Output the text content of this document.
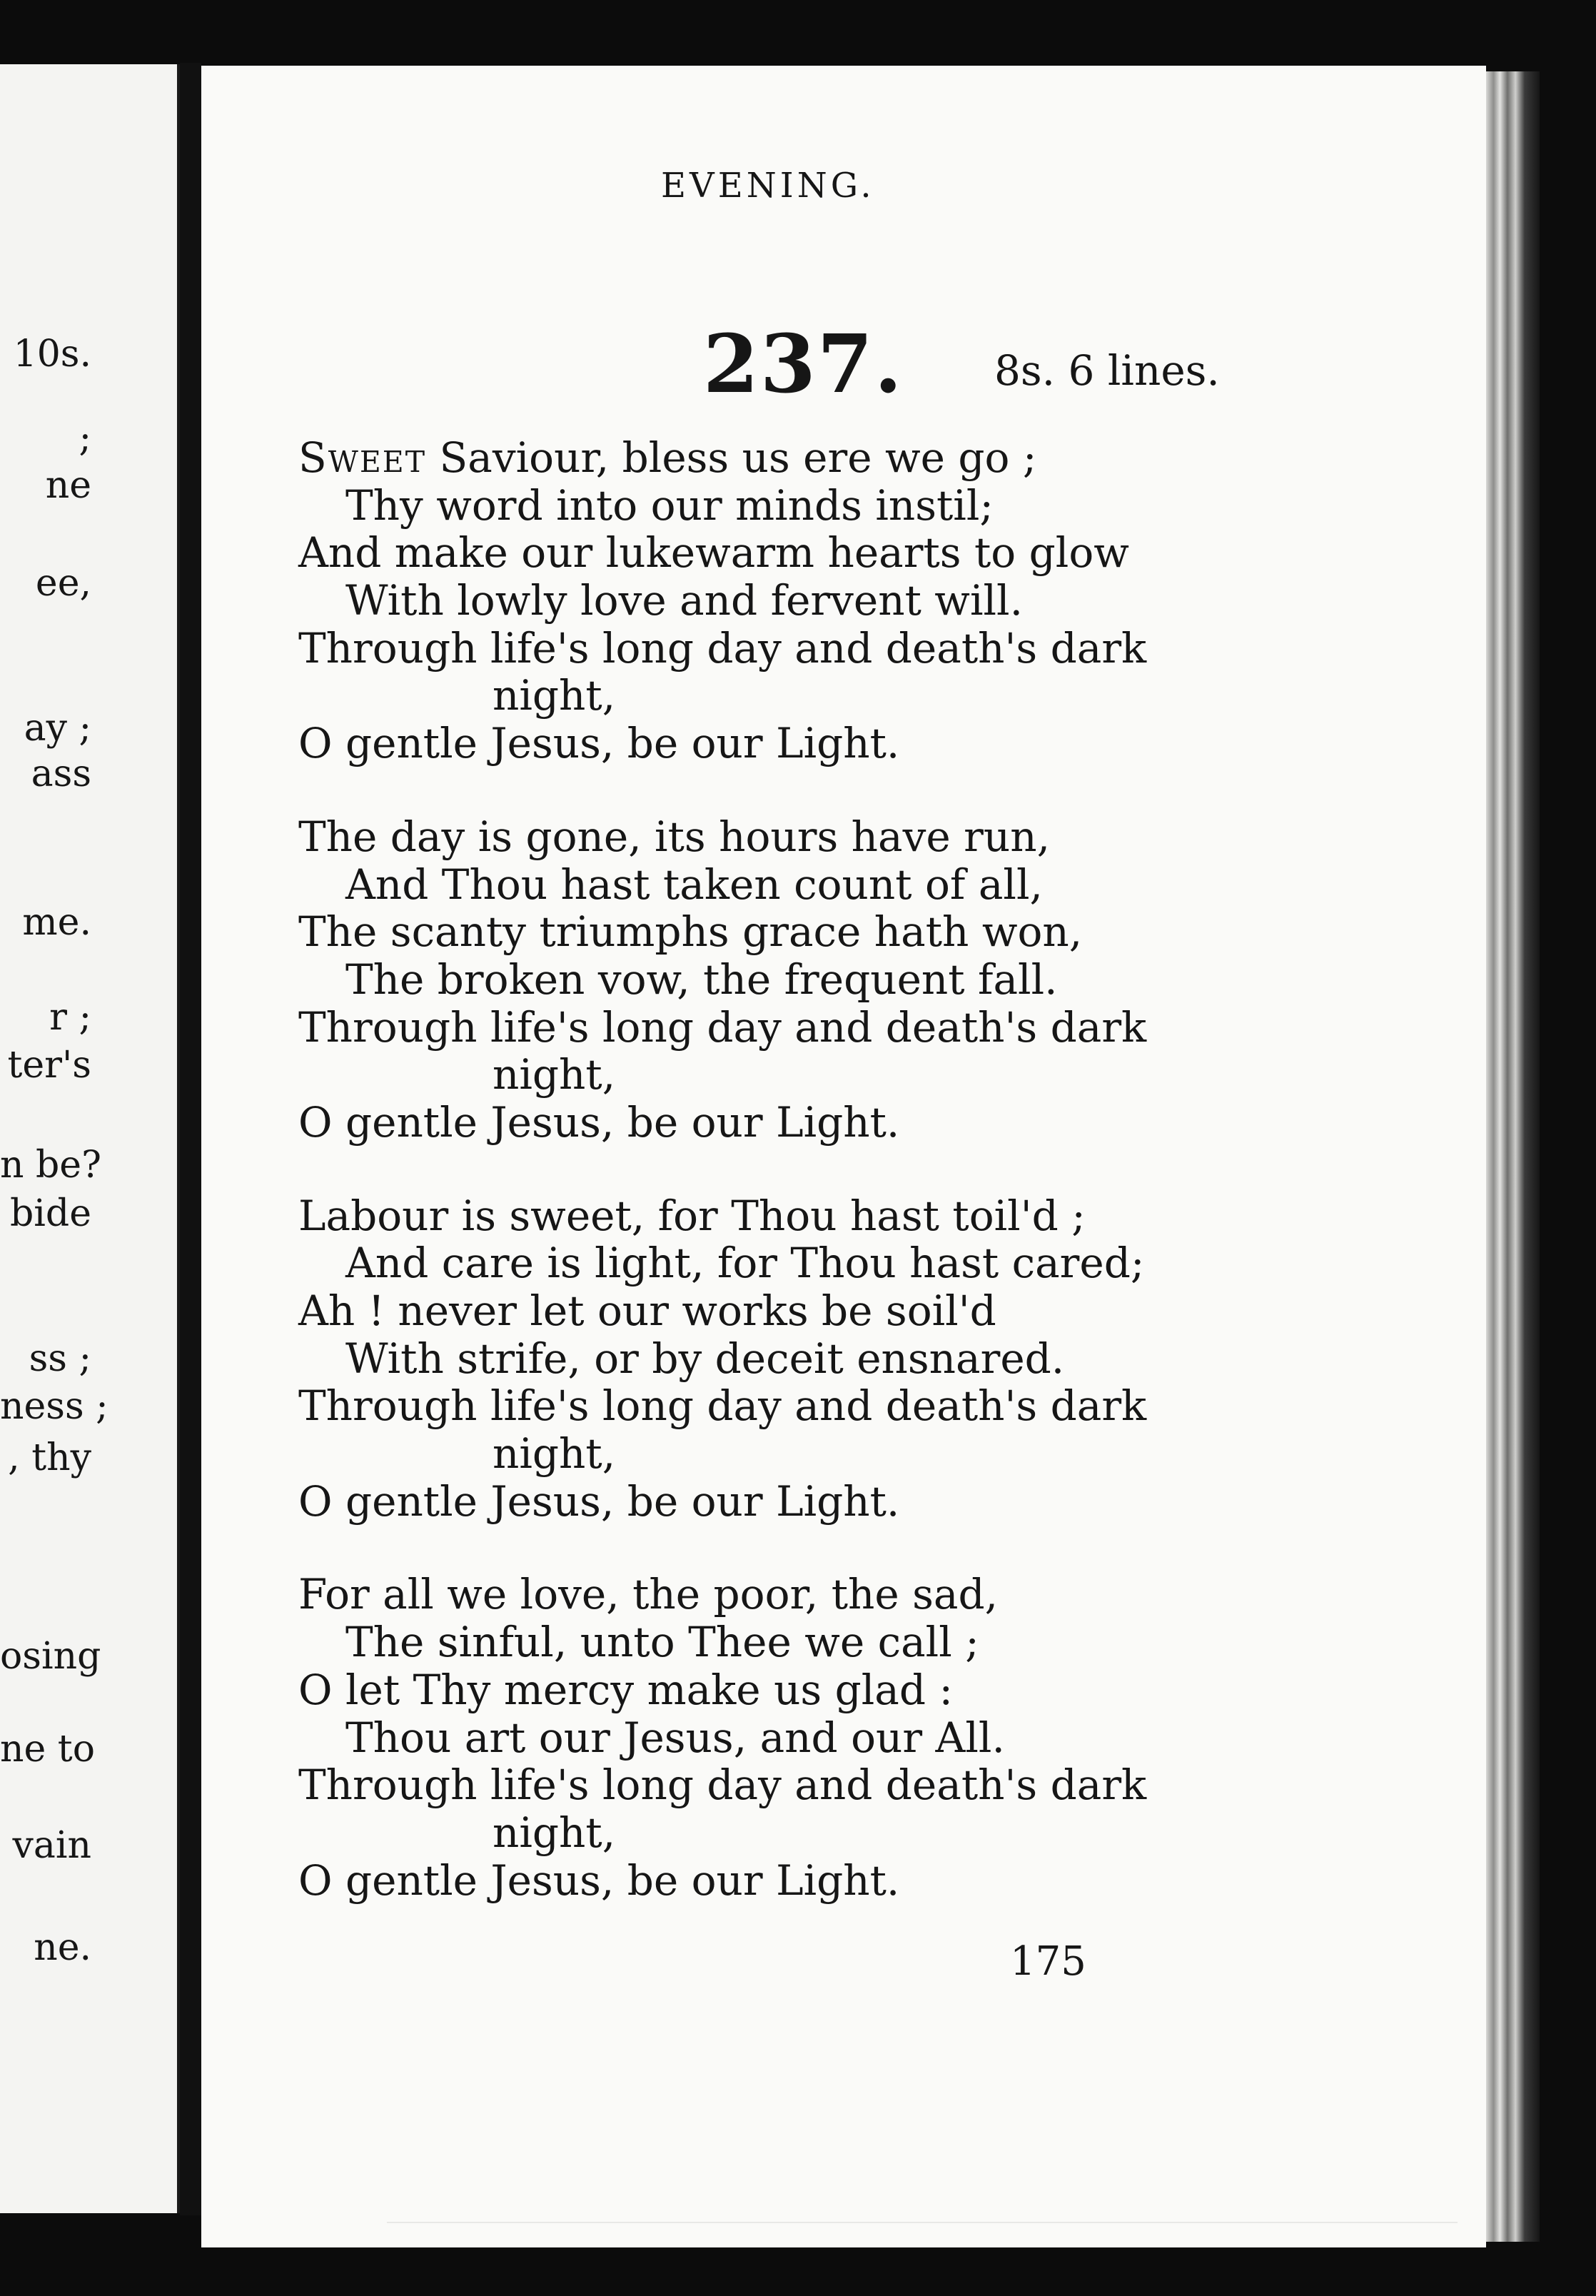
10s.
;
ne
ee,
ay ;
ass
me.
r ;
ter's
n be?
bide
ss ;
ness ;
, thy
osing
ne to
vain
ne.
EVENING.
237. 8s. 6 lines.
Sweet Saviour, bless us ere we go ;
Thy word into our minds instil;
And make our lukewarm hearts to glow
With lowly love and fervent will.
Through life's long day and death's dark
night,
O gentle Jesus, be our Light.
The day is gone, its hours have run,
And Thou hast taken count of all,
The scanty triumphs grace hath won,
The broken vow, the frequent fall.
Through life's long day and death's dark
night,
O gentle Jesus, be our Light.
Labour is sweet, for Thou hast toil'd ;
And care is light, for Thou hast cared;
Ah ! never let our works be soil'd
With strife, or by deceit ensnared.
Through life's long day and death's dark
night,
O gentle Jesus, be our Light.
For all we love, the poor, the sad,
The sinful, unto Thee we call ;
O let Thy mercy make us glad :
Thou art our Jesus, and our All.
Through life's long day and death's dark
night,
O gentle Jesus, be our Light.
175
